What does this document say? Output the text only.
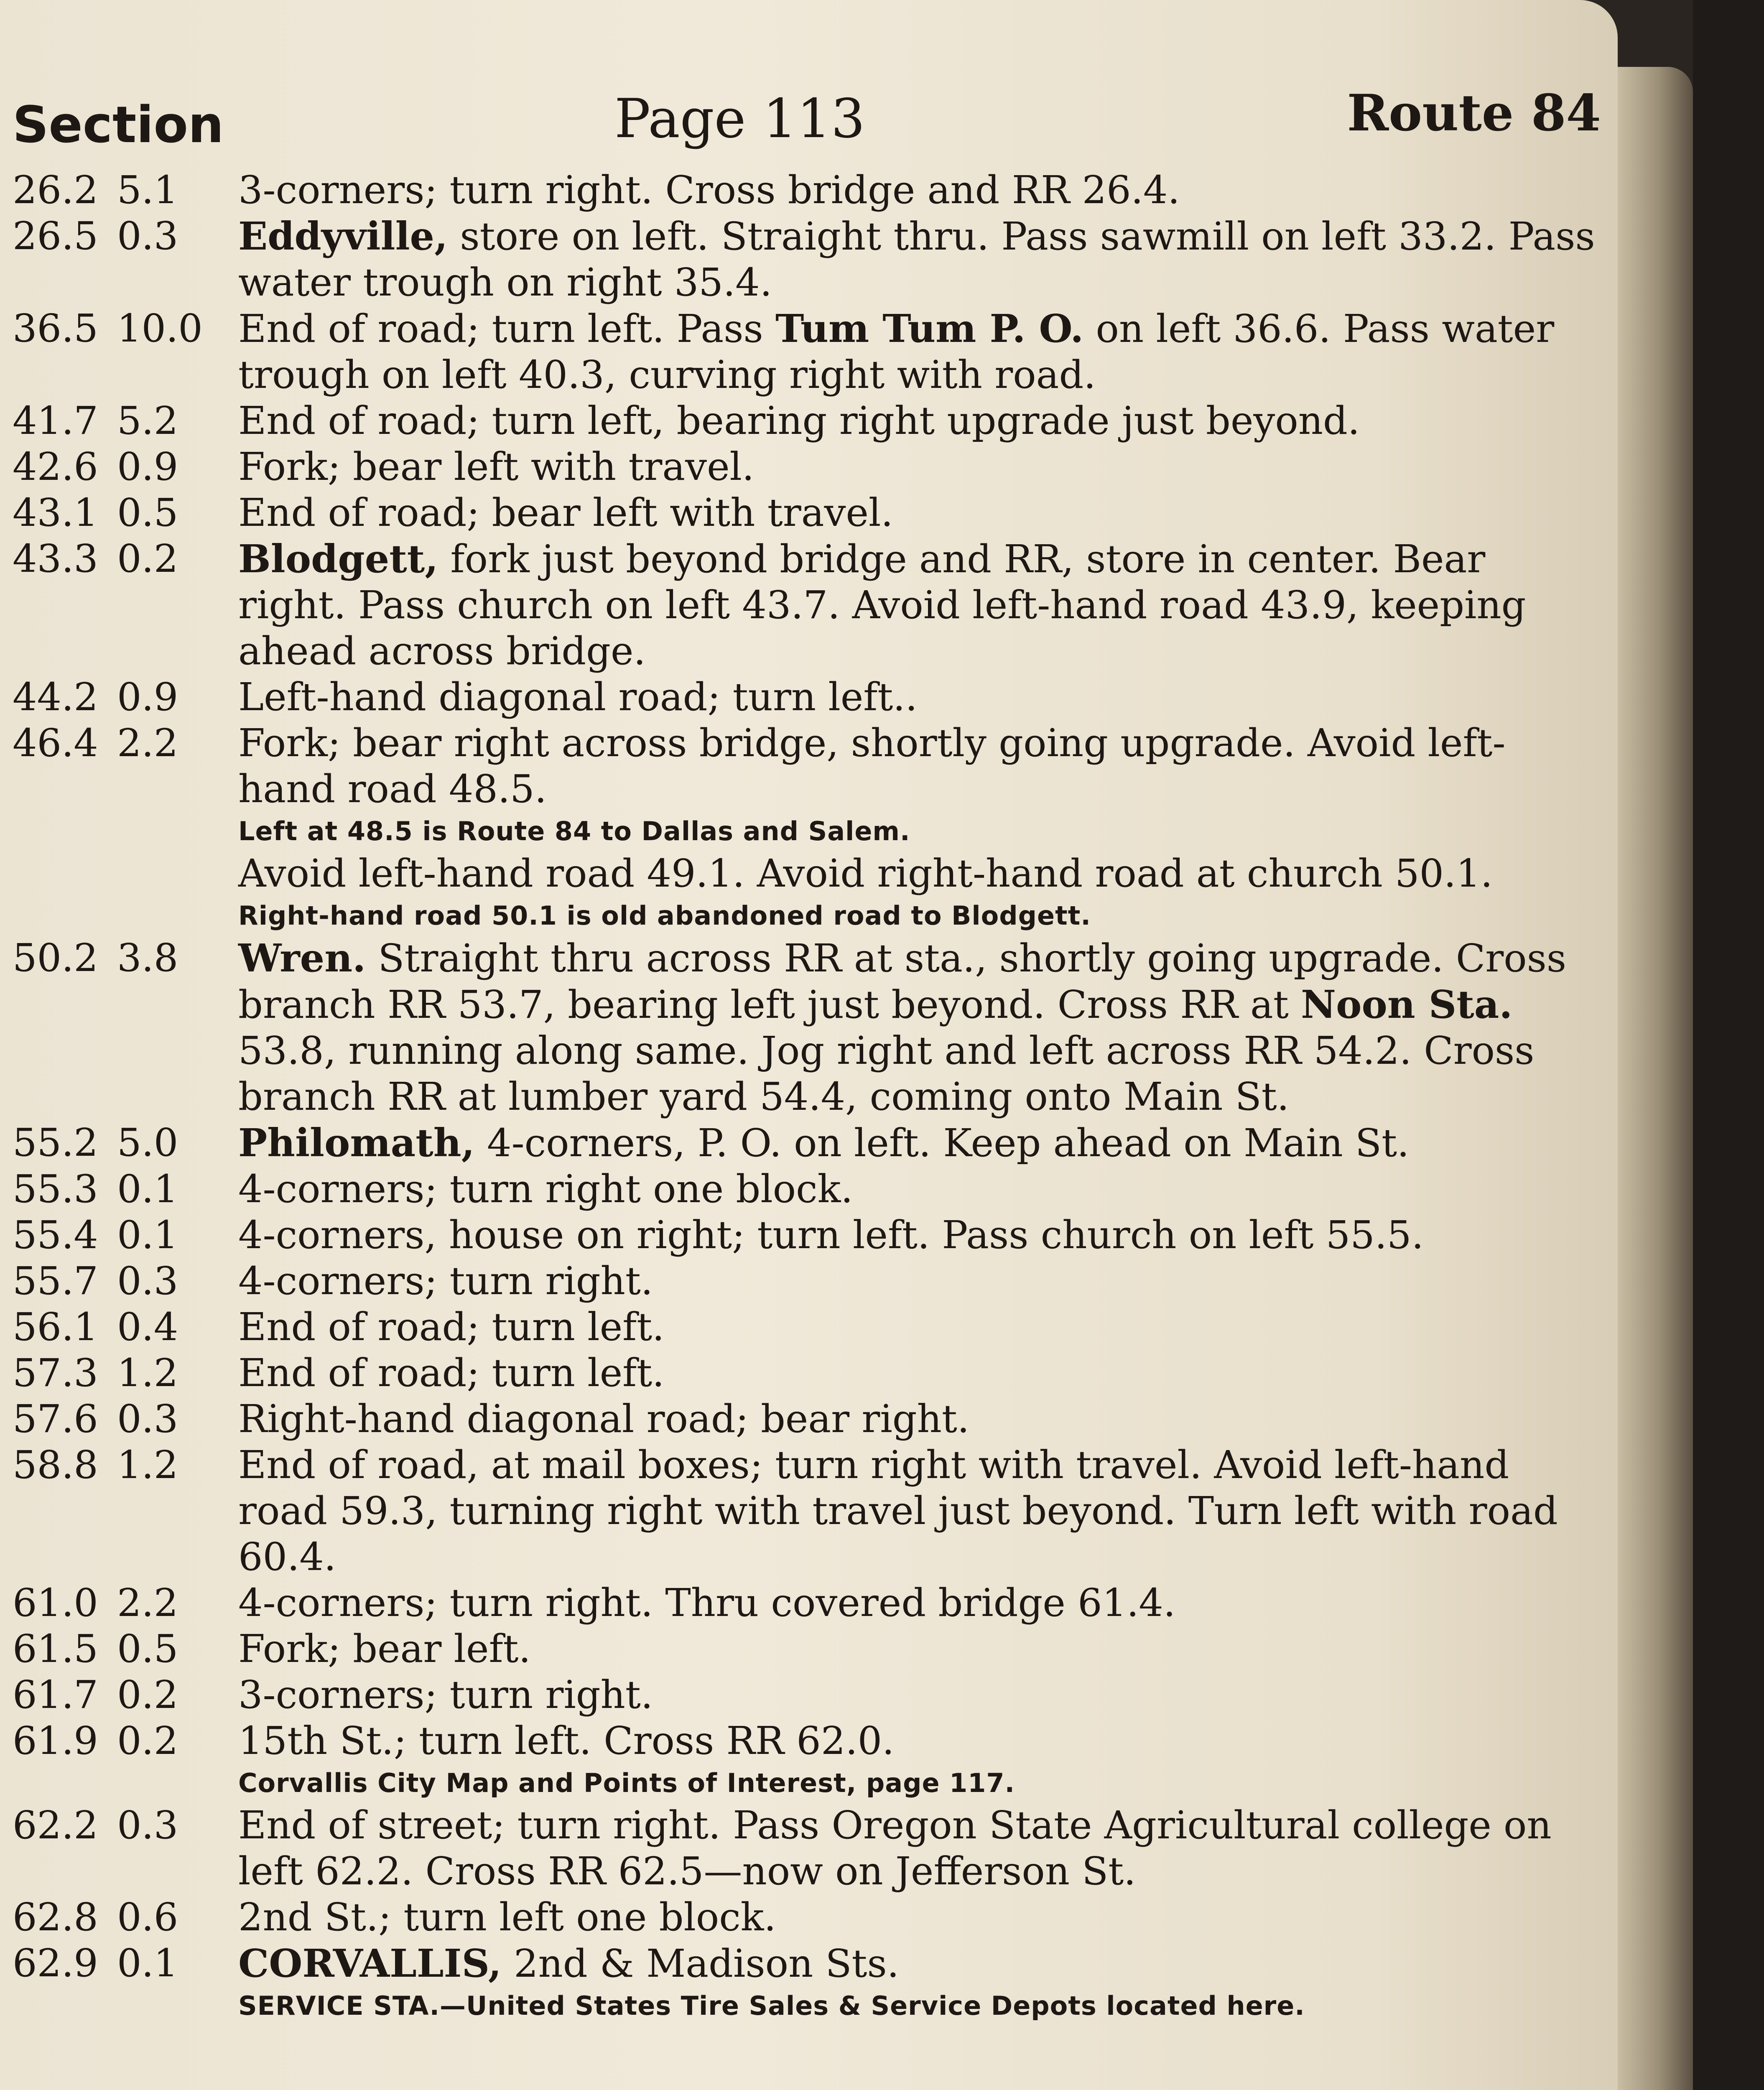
Section	Page 113	Route 84
26.2 5.1	3-corners; turn right. Cross bridge and RR 26.4.
26.5 0.3	Eddyville, store on left. Straight thru. Pass sawmill on left 33.2. Pass water trough on right 35.4.
36.5 10.0 End of road; turn left. Pass Tum Tum P. O. on left 36.6. Pass water trough on left 40.3, curving right with road.
41.7 5.2	End of road; turn left, bearing right upgrade just beyond.
42.6 0.9	Fork; bear left with travel.
43.1 0.5	End of road; bear left with travel.
43.3 0.2	Blodgett, fork just beyond bridge and RR, store in center. Bear right. Pass church on left 43.7. Avoid left-hand road 43.9, keeping ahead across bridge.
44.2 0.9	Left-hand diagonal road; turn left..
46.4 2.2	Fork; bear right across bridge, shortly going upgrade. Avoid left-hand road 48.5.
Left at 48.5 is Route 84 to Dallas and Salem.
Avoid left-hand road 49.1. Avoid right-hand road at church 50.1.
Right-hand road 50.1 is old abandoned road to Blodgett.
50.2 3.8	Wren. Straight thru across RR at sta., shortly going upgrade. Cross branch RR 53.7, bearing left just beyond. Cross RR at Noon Sta. 53.8, running along same. Jog right and left across RR 54.2. Cross branch RR at lumber yard 54.4, coming onto Main St.
55.2 5.0	Philomath, 4-corners, P. O. on left. Keep ahead on Main St.
55.3 0.1	4-corners; turn right one block.
55.4 0.1	4-corners, house on right; turn left. Pass church on left 55.5.
55.7 0.3	4-corners; turn right.
56.1 0.4	End of road; turn left.
57.3 1.2	End of road; turn left.
57.6 0.3	Right-hand diagonal road; bear right.
58.8 1.2	End of road, at mail boxes; turn right with travel. Avoid left-hand road 59.3, turning right with travel just beyond. Turn left with road 60.4.
61.0 2.2	4-corners; turn right. Thru covered bridge 61.4.
61.5 0.5	Fork; bear left.
61.7 0.2	3-corners; turn right.
61.9 0.2	15th St.; turn left. Cross RR 62.0.
Corvallis City Map and Points of Interest, page 117.
62.2 0.3	End of street; turn right. Pass Oregon State Agricultural college on left 62.2. Cross RR 62.5—now on Jefferson St.
62.8 0.6	2nd St.; turn left one block.
62.9 0.1	CORVALLIS, 2nd & Madison Sts.
SERVICE STA.—United States Tire Sales & Service Depots located here.
